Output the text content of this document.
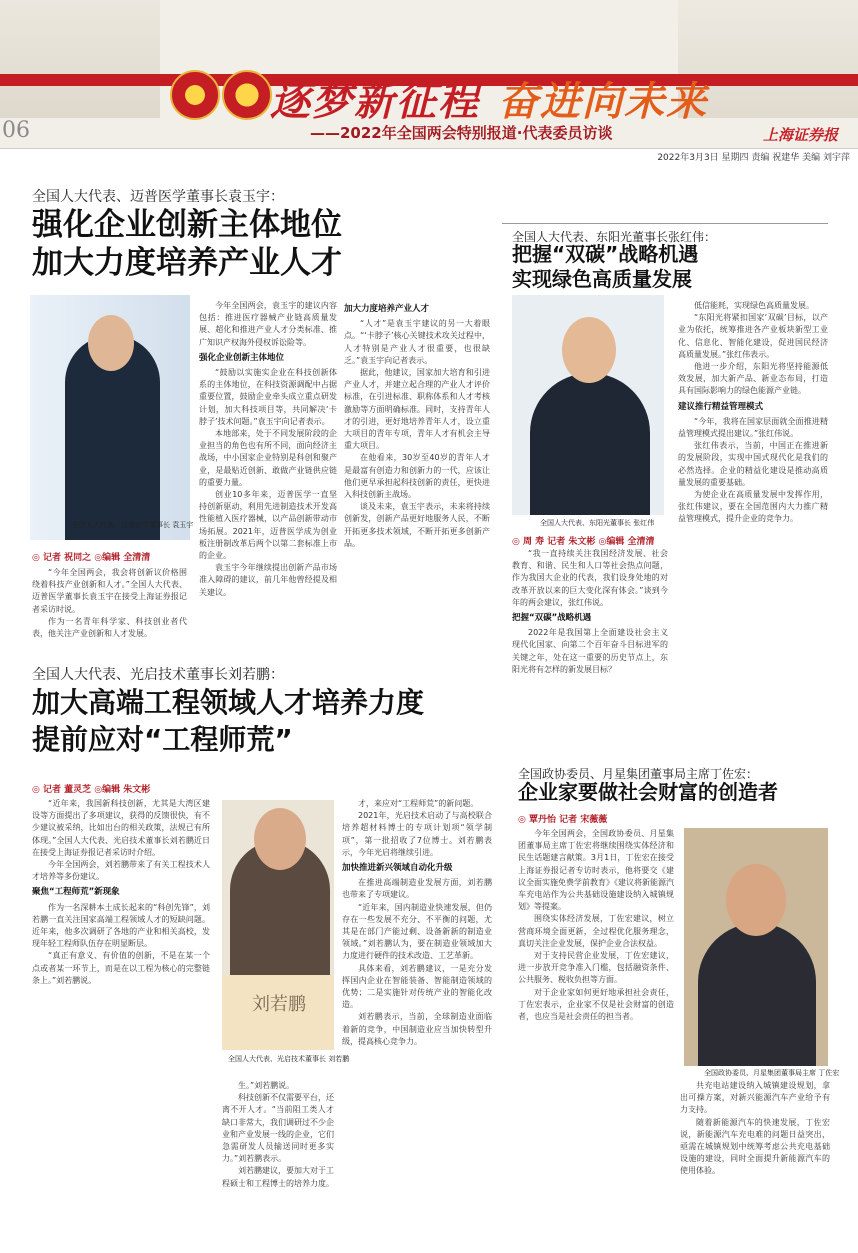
逐梦新征程 奋进向未来
——2022年全国两会特别报道·代表委员访谈
06	上海证券报
2022年3月3日 星期四 责编 祝建华 美编 刘宇萍
全国人大代表、迈普医学董事长袁玉宇：
强化企业创新主体地位
加大力度培养产业人才
全国人大代表、迈普医学董事长 袁玉宇
◎ 记者 祝同之 ◎编辑 全清清

“今年全国两会，我会将创新议价格围绕着科技产业创新和人才。”全国人大代表、迈普医学董事长袁玉宇在接受上海证券报记者采访时说。

作为一名青年科学家、科技创业者代表，他关注产业创新和人才发展。

今年全国两会，袁玉宇的建议内容包括：推进医疗器械产业链高质量发展、超化和推进产业人才分类标准、推广知识产权海外侵权诉讼险等。

强化企业创新主体地位

“鼓励以实施实企业在科技创新体系的主体地位，在科技资源调配中占据重要位置，鼓励企业牵头成立重点研发计划，加大科技项目等，共同解决‘卡脖子’技术问题。”袁玉宇向记者表示。

本地部来，处于不同发展阶段的企业担当的角色也有所不同，面向经济主战场，中小国家企业特别是科创和聚产业，是最贴近创新、敢做产业链供应链的重要力量。

创业10多年来，迈普医学一直坚持创新驱动，利用先进制造技术开发高性能植入医疗器械，以产品创新带动市场拓展。2021年，迈普医学成为创业板注册制改革后两个以第二套标准上市的企业。

袁玉宇今年继续提出创新产品市场准入障碍的建议，前几年他曾经提及相关建议。

加大力度培养产业人才

“人才”是袁玉宇建议的另一大着眼点。“‘卡脖子’核心关键技术攻关过程中，人才特别是产业人才很重要，也很缺乏。”袁玉宇向记者表示。

据此，他建议，国家加大培育和引进产业人才，并建立起合理的产业人才评价标准，在引进标准、职称体系和人才考核激励等方面明确标准。同时，支持青年人才的引进，更好地培养青年人才，设立重大项目的青年专项，青年人才有机会主导重大项目。

在他看来，30岁至40岁的青年人才是最富有创造力和创新力的一代，应该让他们更早承担起科技创新的责任，更快进入科技创新主战场。

谈及未来，袁玉宇表示，未来将持续创新发，创新产品更好地服务人民，不断开拓更多技术领域，不断开拓更多创新产品。

全国人大代表、光启技术董事长刘若鹏：
加大高端工程领域人才培养力度
提前应对“工程师荒”
◎ 记者 董灵芝 ◎编辑 朱文彬

“近年来，我国新科技创新，尤其是大湾区建设等方面提出了多项建议，获得的反馈很快，有不少建议被采纳，比如出台的相关政策，法规已有所体现。”全国人大代表、光启技术董事长刘若鹏近日在接受上海证券报记者采访时介绍。

今年全国两会，刘若鹏带来了有关工程技术人才培养等多份建议。

聚焦“工程师荒”新现象

作为一名深耕本土成长起来的“科创先锋”，刘若鹏一直关注国家高端工程领域人才的短缺问题。近年来，他多次调研了各地的产业和相关高校，发现年轻工程师队伍存在明显断层。

“真正有意义、有价值的创新，不是在某一个点或者某一环节上，而是在以工程为核心的完整链条上。”刘若鹏说。

刘若鹏
全国人大代表、光启技术董事长 刘若鹏

生。”刘若鹏说。

科技创新不仅需要平台，还离不开人才。“当前阻工类人才缺口非常大，我们调研过不少企业和产业发展一线的企业，它们急需研发人员输送同时更多实力。”刘若鹏表示。

刘若鹏建议，要加大对于工程硕士和工程博士的培养力度。

才，来应对“工程师荒”的新问题。

2021年，光启技术启动了与高校联合培养超材料博士的专项计划项“领学制项”，第一批招收了7位博士。刘若鹏表示，今年光启将继续引进。

加快推进新兴领域自动化升级

在推进高端制造业发展方面，刘若鹏也带来了专项建议。

“近年来，国内制造业快速发展，但仍存在一些发展不充分、不平衡的问题，尤其是在部门产能过剩、设备新新的制造业领域。”刘若鹏认为，要在制造业领域加大力度进行硬件的技术改造、工艺革新。

具体来看，刘若鹏建议，一是充分发挥国内企业在智能装备、智能制造领域的优势；二是实施针对传统产业的智能化改造。

刘若鹏表示，当前，全球制造业面临着新的竞争，中国制造业应当加快转型升级，提高核心竞争力。

全国人大代表、东阳光董事长张红伟：
把握“双碳”战略机遇
实现绿色高质量发展
全国人大代表、东阳光董事长 张红伟
◎ 周 寿 记者 朱文彬 ◎编辑 全清清

“我一直持续关注我国经济发展、社会教育、和谐、民生和人口等社会热点问题，作为我国大企业的代表，我们设身处地的对改革开放以来的巨大变化深有体会。”谈到今年的两会建议，张红伟说。

把握“双碳”战略机遇

2022年是我国第上全面建设社会主义现代化国家、向第二个百年奋斗目标进军的关键之年，处在这一重要的历史节点上，东阳光将有怎样的新发展目标？

低信能耗，实现绿色高质量发展。

“东阳光将紧扣国家‘双碳’目标，以产业为依托，统筹推进各产业板块新型工业化、信息化、智能化建设，促进国民经济高质量发展。”张红伟表示。

他进一步介绍，东阳光将坚持能源低效发展，加大新产品、新业态布局，打造具有国际影响力的绿色能源产业链。

建议推行精益管理模式

“今年，我将在国家层面就全面推进精益管理模式提出建议。”张红伟说。

张红伟表示，当前，中国正在推进新的发展阶段，实现中国式现代化是我们的必然选择。企业的精益化建设是推动高质量发展的重要基础。

为使企业在高质量发展中发挥作用，张红伟建议，要在全国范围内大力推广精益管理模式，提升企业的竞争力。

全国政协委员、月星集团董事局主席丁佐宏：
企业家要做社会财富的创造者
◎ 覃丹怡 记者 宋薇薇

今年全国两会，全国政协委员、月星集团董事局主席丁佐宏将继续围绕实体经济和民生话题建言献策。3月1日，丁佐宏在接受上海证券报记者专访时表示，他将要交《建议全面实施免费学前教育》《建议将新能源汽车充电站作为公共基础设施建设纳入城镇规划》等提案。

围绕实体经济发展，丁佐宏建议，树立营商环境全面更新，全过程优化服务理念，真切关注企业发展，保护企业合法权益。

对于支持民营企业发展，丁佐宏建议，进一步放开竞争准入门槛，包括融资条件、公共服务、税收负担等方面。

对于企业家如何更好地承担社会责任，丁佐宏表示，企业家不仅是社会财富的创造者，也应当是社会责任的担当者。

全国政协委员、月星集团董事局主席 丁佐宏

共充电站建设纳入城镇建设规划，拿出可操方案，对新兴能源汽车产业给予有力支持。

随着新能源汽车的快速发展，丁佐宏说，新能源汽车充电难的问题日益突出，亟需在城镇规划中统筹考虑公共充电基础设施的建设，同时全面提升新能源汽车的使用体验。
